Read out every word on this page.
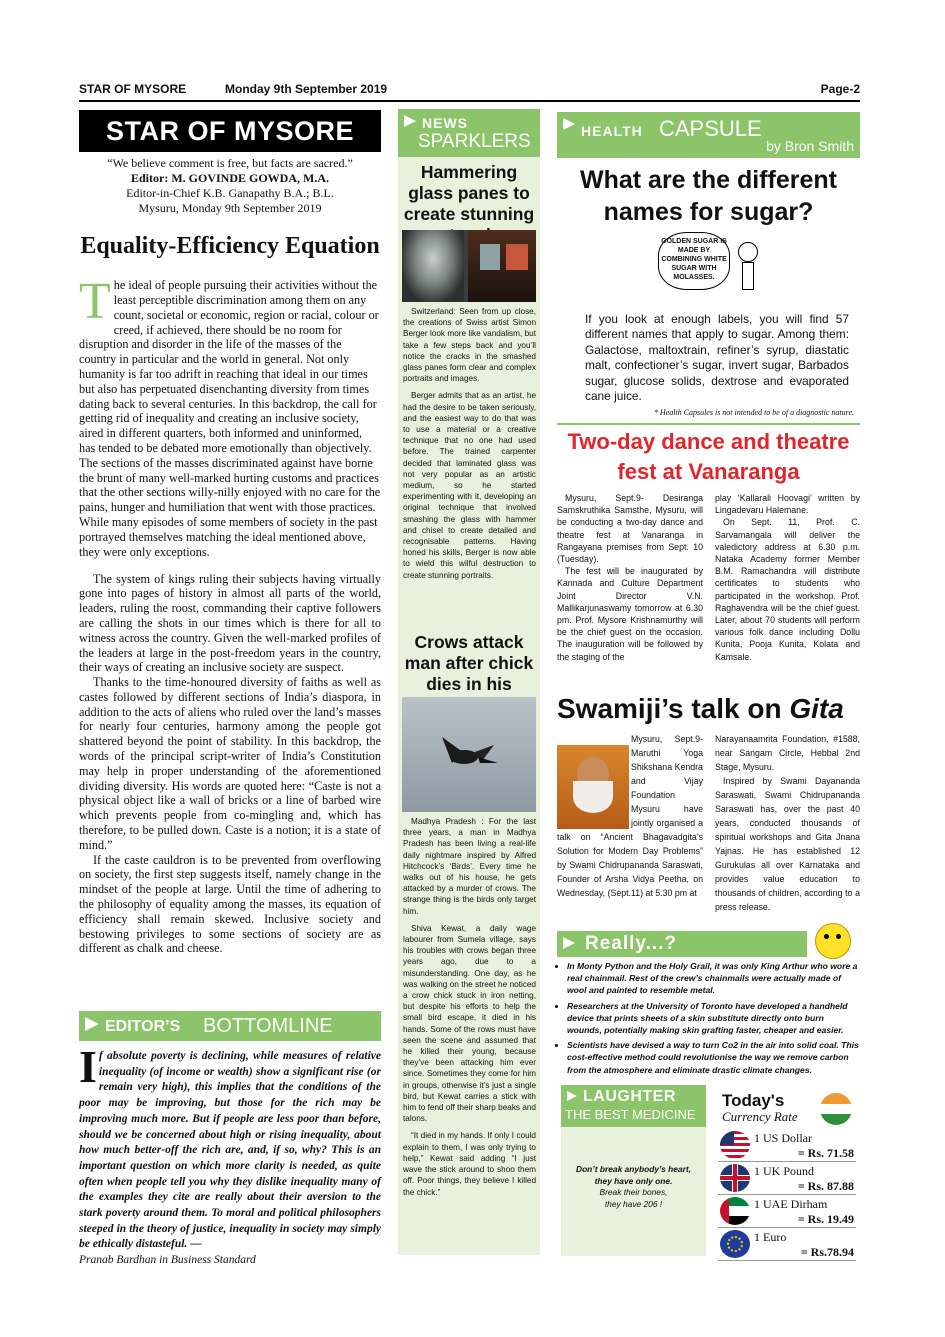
STAR OF MYSORE	Monday 9th September 2019	Page-2
STAR OF MYSORE
“We believe comment is free, but facts are sacred.”
Editor: M. GOVINDE GOWDA, M.A.
Editor-in-Chief K.B. Ganapathy B.A.; B.L.
Mysuru, Monday 9th September 2019
Equality-Efficiency Equation

The ideal of people pursuing their activities without the least perceptible discrimination among them on any count, societal or economic, region or racial, colour or creed, if achieved, there should be no room for disruption and disorder in the life of the masses of the country in particular and the world in general. Not only humanity is far too adrift in reaching that ideal in our times but also has perpetuated disenchanting diversity from times dating back to several centuries. In this backdrop, the call for getting rid of inequality and creating an inclusive society, aired in different quarters, both informed and uninformed, has tended to be debated more emotionally than objectively. The sections of the masses discriminated against have borne the brunt of many well-marked hurting customs and practices that the other sections willy-nilly enjoyed with no care for the pains, hunger and humiliation that went with those practices. While many episodes of some members of society in the past portrayed themselves matching the ideal mentioned above, they were only exceptions.

The system of kings ruling their subjects having virtually gone into pages of history in almost all parts of the world, leaders, ruling the roost, commanding their captive followers are calling the shots in our times which is there for all to witness across the country. Given the well-marked profiles of the leaders at large in the post-freedom years in the country, their ways of creating an inclusive society are suspect.

Thanks to the time-honoured diversity of faiths as well as castes followed by different sections of India’s diaspora, in addition to the acts of aliens who ruled over the land’s masses for nearly four centuries, harmony among the people got shattered beyond the point of stability. In this backdrop, the words of the principal script-writer of India’s Constitution may help in proper understanding of the aforementioned dividing diversity. His words are quoted here: “Caste is not a physical object like a wall of bricks or a line of barbed wire which prevents people from co-mingling and, which has therefore, to be pulled down. Caste is a notion; it is a state of mind.”

If the caste cauldron is to be prevented from overflowing on society, the first step suggests itself, namely change in the mindset of the people at large. Until the time of adhering to the philosophy of equality among the masses, its equation of efficiency shall remain skewed. Inclusive society and bestowing privileges to some sections of society are as different as chalk and cheese.

EDITOR’S BOTTOMLINE
If absolute poverty is declining, while measures of relative inequality (of income or wealth) show a significant rise (or remain very high), this implies that the conditions of the poor may be improving, but those for the rich may be improving much more. But if people are less poor than before, should we be concerned about high or rising inequality, about how much better-off the rich are, and, if so, why? This is an important question on which more clarity is needed, as quite often when people tell you why they dislike inequality many of the examples they cite are really about their aversion to the stark poverty around them. To moral and political philosophers steeped in the theory of justice, inequality in society may simply be ethically distasteful. —
Pranab Bardhan in Business Standard
NEWS
SPARKLERS
Hammering glass panes to create stunning

Switzerland: Seen from up close, the creations of Swiss artist Simon Berger look more like vandalism, but take a few steps back and you’ll notice the cracks in the smashed glass panes form clear and complex portraits and images.

Berger admits that as an artist, he had the desire to be taken seriously, and the easiest way to do that was to use a material or a creative technique that no one had used before. The trained carpenter decided that laminated glass was not very popular as an artistic medium, so he started experimenting with it, developing an original technique that involved smashing the glass with hammer and chisel to create detailed and recognisable patterns. Having honed his skills, Berger is now able to wield this wilful destruction to create stunning portraits.

Crows attack man after chick dies in his

Madhya Pradesh : For the last three years, a man in Madhya Pradesh has been living a real-life daily nightmare inspired by Alfred Hitchcock’s ‘Birds’. Every time he walks out of his house, he gets attacked by a murder of crows. The strange thing is the birds only target him.

Shiva Kewat, a daily wage labourer from Sumela village, says his troubles with crows began three years ago, due to a misunderstanding. One day, as he was walking on the street he noticed a crow chick stuck in iron netting, but despite his efforts to help the small bird escape, it died in his hands. Some of the rows must have seen the scene and assumed that he killed their young, because they’ve been attacking him ever since. Sometimes they come for him in groups, otherwise it’s just a single bird, but Kewat carries a stick with him to fend off their sharp beaks and talons.

“It died in my hands. If only I could explain to them, I was only trying to help,” Kewat said adding “I just wave the stick around to shoo them off. Poor things, they believe I killed the chick.”

HEALTH CAPSULE
by Bron Smith
What are the different names for sugar?
GOLDEN SUGAR IS MADE BY COMBINING WHITE SUGAR WITH MOLASSES.
If you look at enough labels, you will find 57 different names that apply to sugar. Among them: Galactose, maltoxtrain, refiner’s syrup, diastatic malt, confectioner’s sugar, invert sugar, Barbados sugar, glucose solids, dextrose and evaporated cane juice.
* Health Capsules is not intended to be of a diagnostic nature.
Two-day dance and theatre fest at Vanaranga

Mysuru, Sept.9- Desiranga Samskruthika Samsthe, Mysuru, will be conducting a two-day dance and theatre fest at Vanaranga in Rangayana premises from Sept. 10 (Tuesday).

The fest will be inaugurated by Kannada and Culture Department Joint Director V.N. Mallikarjunaswamy tomorrow at 6.30 pm. Prof. Mysore Krishnamurthy will be the chief guest on the occasion. The inauguration will be followed by the staging of the

play ‘Kallarali Hoovagi’ written by Lingadevaru Halemane.

On Sept. 11, Prof. C. Sarvamangala will deliver the valedictory address at 6.30 p.m. Nataka Academy former Member B.M. Ramachandra will distribute certificates to students who participated in the workshop. Prof. Raghavendra will be the chief guest. Later, about 70 students will perform various folk dance including Dollu Kunita, Pooja Kunita, Kolata and Kamsale.

Swamiji’s talk on Gita
Mysuru, Sept.9- Maruthi Yoga Shikshana Kendra and Vijay Foundation Mysuru have jointly organised a talk on “Ancient Bhagavadgita’s Solution for Modern Day Problems” by Swami Chidrupananda Saraswati, Founder of Arsha Vidya Peetha, on Wednesday, (Sept.11) at 5.30 pm at

Narayanaamrita Foundation, #1588, near Sangam Circle, Hebbal 2nd Stage, Mysuru.

Inspired by Swami Dayananda Saraswati, Swami Chidrupananda Saraswati has, over the past 40 years, conducted thousands of spiritual workshops and Gita Jnana Yajnas. He has established 12 Gurukulas all over Karnataka and provides value education to thousands of children, according to a press release.

Really...?
• In Monty Python and the Holy Grail, it was only King Arthur who wore a real chainmail. Rest of the crew’s chainmails were actually made of wool and painted to resemble metal.
• Researchers at the University of Toronto have developed a handheld device that prints sheets of a skin substitute directly onto burn wounds, potentially making skin grafting faster, cheaper and easier.
• Scientists have devised a way to turn Co2 in the air into solid coal. This cost-effective method could revolutionise the way we remove carbon from the atmosphere and eliminate drastic climate changes.
LAUGHTER
THE BEST MEDICINE
Don’t break anybody’s heart,
they have only one.
Break their bones,
they have 206 !
Today's
Currency Rate
1 US Dollar
= Rs. 71.58
1 UK Pound
= Rs. 87.88
1 UAE Dirham
= Rs. 19.49
1 Euro
= Rs.78.94
